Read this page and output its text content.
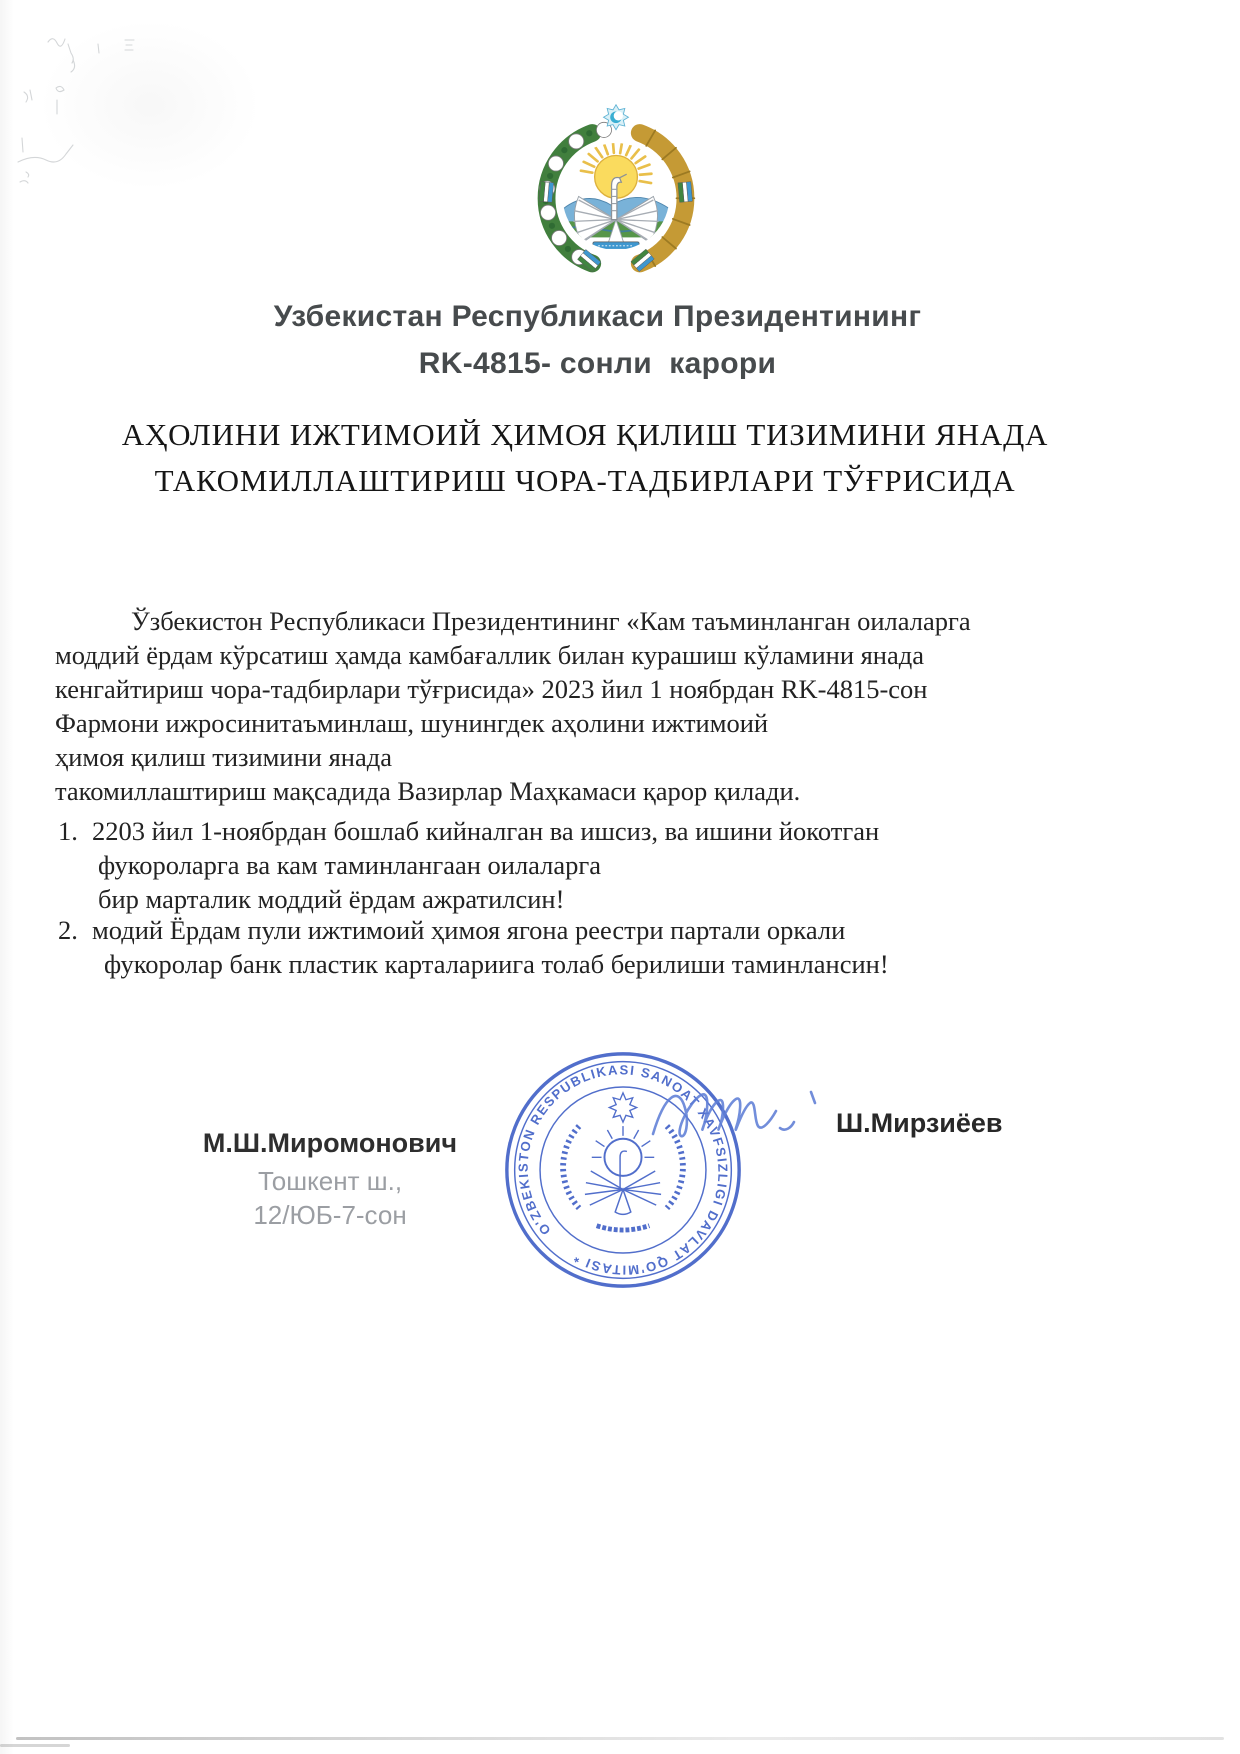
Узбекистан Республикаси Президентининг
RK-4815- сонли  карори
АҲОЛИНИ ИЖТИМОИЙ ҲИМОЯ ҚИЛИШ ТИЗИМИНИ ЯНАДА
ТАКОМИЛЛАШТИРИШ ЧОРА-ТАДБИРЛАРИ ТЎҒРИСИДА
Ўзбекистон Республикаси Президентининг «Кам таъминланган оилаларга
моддий ёрдам кўрсатиш ҳамда камбағаллик билан курашиш кўламини янада
кенгайтириш чора-тадбирлари тўғрисида» 2023 йил 1 ноябрдан RK-4815-сон
Фармони ижросинитаъминлаш, шунингдек аҳолини ижтимоий
ҳимоя қилиш тизимини янада
такомиллаштириш мақсадида Вазирлар Маҳкамаси қарор қилади.
1. 2203 йил 1-ноябрдан бошлаб кийналган ва ишсиз, ва ишини йокотган
фукороларга ва кам таминлангаан оилаларга
бир марталик моддий ёрдам ажратилсин!
2. модий Ёрдам пули ижтимоий ҳимоя ягона реестри партали оркали
фукоролар банк пластик карталариига толаб берилиши таминлансин!
O'ZBEKISTON RESPUBLIKASI SANOAT XAVFSIZLIGI DAVLAT QO'MITASI *
М.Ш.Миромонович
Тошкент ш.,
12/ЮБ-7-сон
Ш.Мирзиёев
